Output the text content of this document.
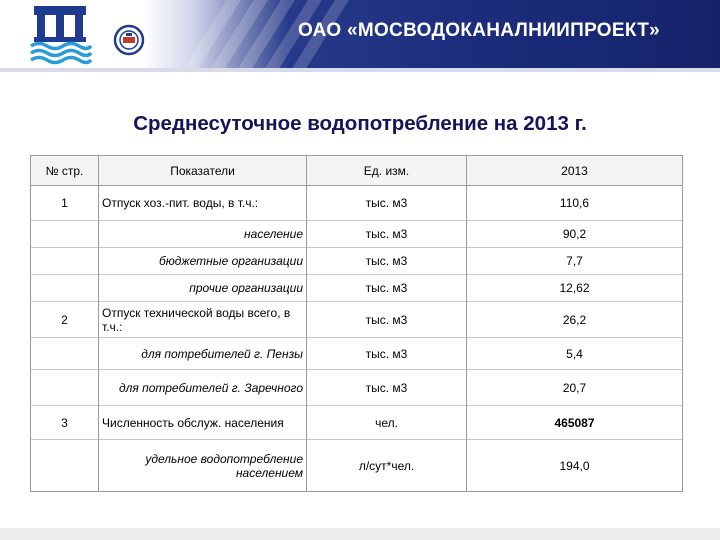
ОАО «МОСВОДОКАНАЛНИИПРОЕКТ»
Среднесуточное водопотребление на 2013 г.
№ стр.	Показатели	Ед. изм.	2013
1	Отпуск хоз.-пит. воды, в т.ч.:	тыс. м3	110,6
	население	тыс. м3	90,2
	бюджетные организации	тыс. м3	7,7
	прочие организации	тыс. м3	12,62
2	Отпуск технической воды всего, в т.ч.:	тыс. м3	26,2
	для потребителей г. Пензы	тыс. м3	5,4
	для потребителей г. Заречного	тыс. м3	20,7
3	Численность обслуж. населения	чел.	465087
	удельное водопотребление населением	л/сут*чел.	194,0
